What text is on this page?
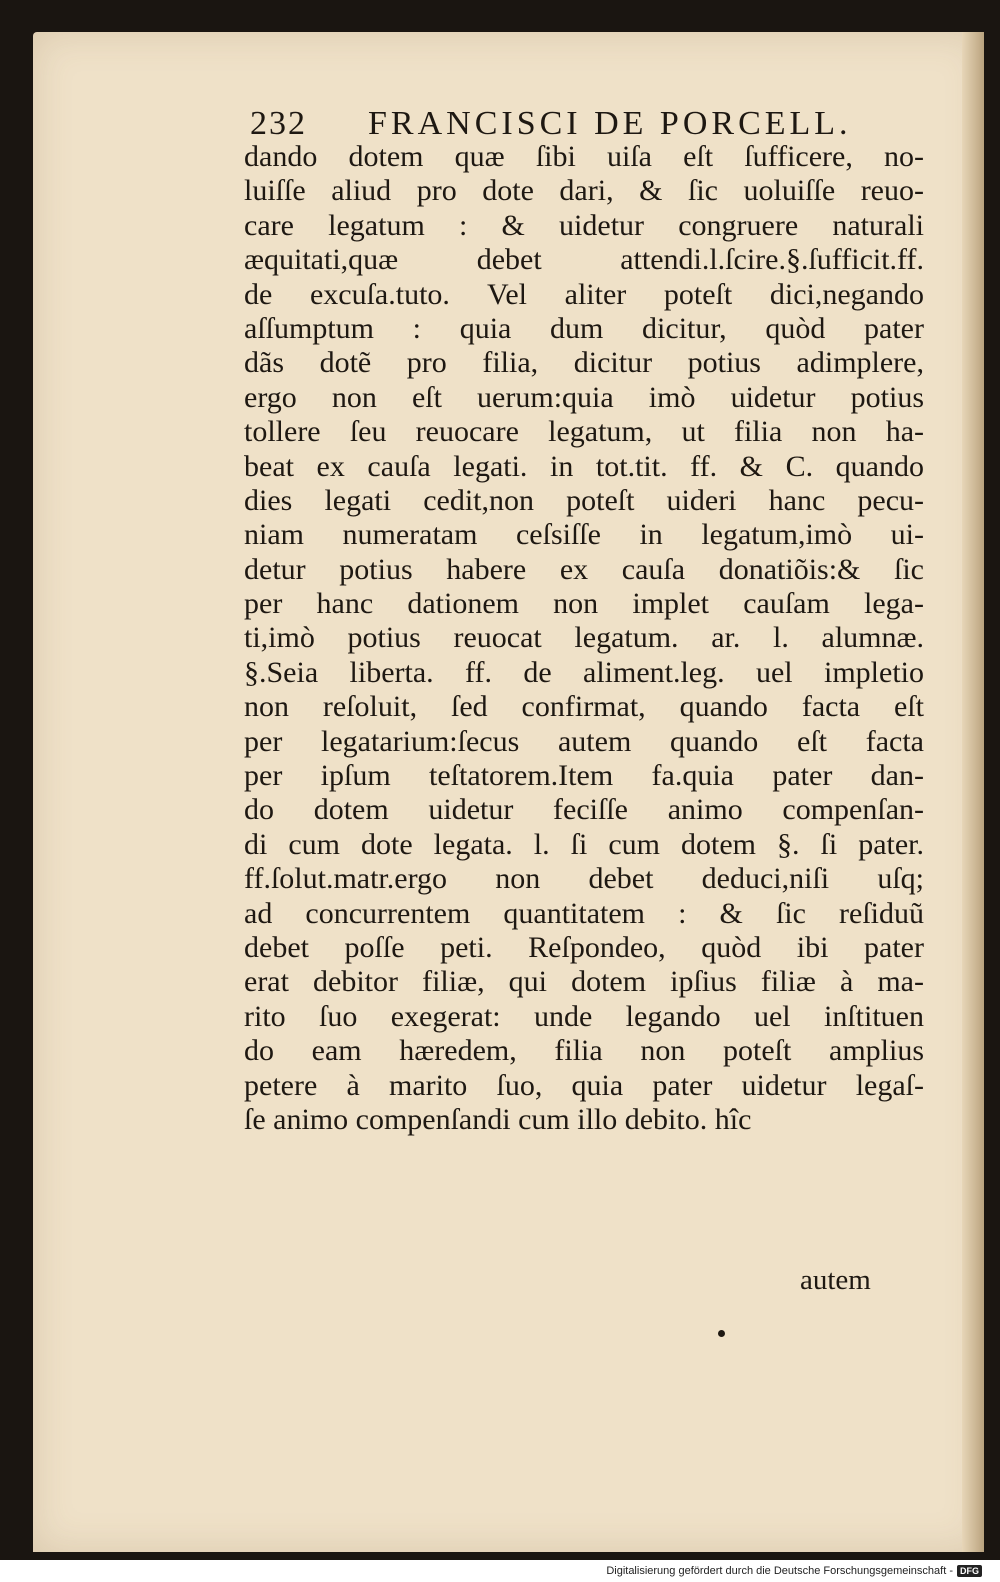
232 FRANCISCI DE PORCELL.
dando dotem quæ ſibi uiſa eſt ſufficere, no-
luiſſe aliud pro dote dari, & ſic uoluiſſe reuo-
care legatum : & uidetur congruere naturali
æquitati,quæ debet attendi.l.ſcire.§.ſufficit.ff.
de excuſa.tuto. Vel aliter poteſt dici,negando
aſſumptum : quia dum dicitur, quòd pater
dãs dotẽ pro filia, dicitur potius adimplere,
ergo non eſt uerum:quia imò uidetur potius
tollere ſeu reuocare legatum, ut filia non ha-
beat ex cauſa legati. in tot.tit. ff. & C. quando
dies legati cedit,non poteſt uideri hanc pecu-
niam numeratam ceſsiſſe in legatum,imò ui-
detur potius habere ex cauſa donatiõis:& ſic
per hanc dationem non implet cauſam lega-
ti,imò potius reuocat legatum. ar. l. alumnæ.
§.Seia liberta. ff. de aliment.leg. uel impletio
non reſoluit, ſed confirmat, quando facta eſt
per legatarium:ſecus autem quando eſt facta
per ipſum teſtatorem.Item fa.quia pater dan-
do dotem uidetur feciſſe animo compenſan-
di cum dote legata. l. ſi cum dotem §. ſi pater.
ff.ſolut.matr.ergo non debet deduci,niſi uſq;
ad concurrentem quantitatem : & ſic reſiduũ
debet poſſe peti. Reſpondeo, quòd ibi pater
erat debitor filiæ, qui dotem ipſius filiæ à ma-
rito ſuo exegerat: unde legando uel inſtituen
do eam hæredem, filia non poteſt amplius
petere à marito ſuo, quia pater uidetur legaſ-
ſe animo compenſandi cum illo debito. hîc
autem
Digitalisierung gefördert durch die Deutsche Forschungsgemeinschaft - DFG
